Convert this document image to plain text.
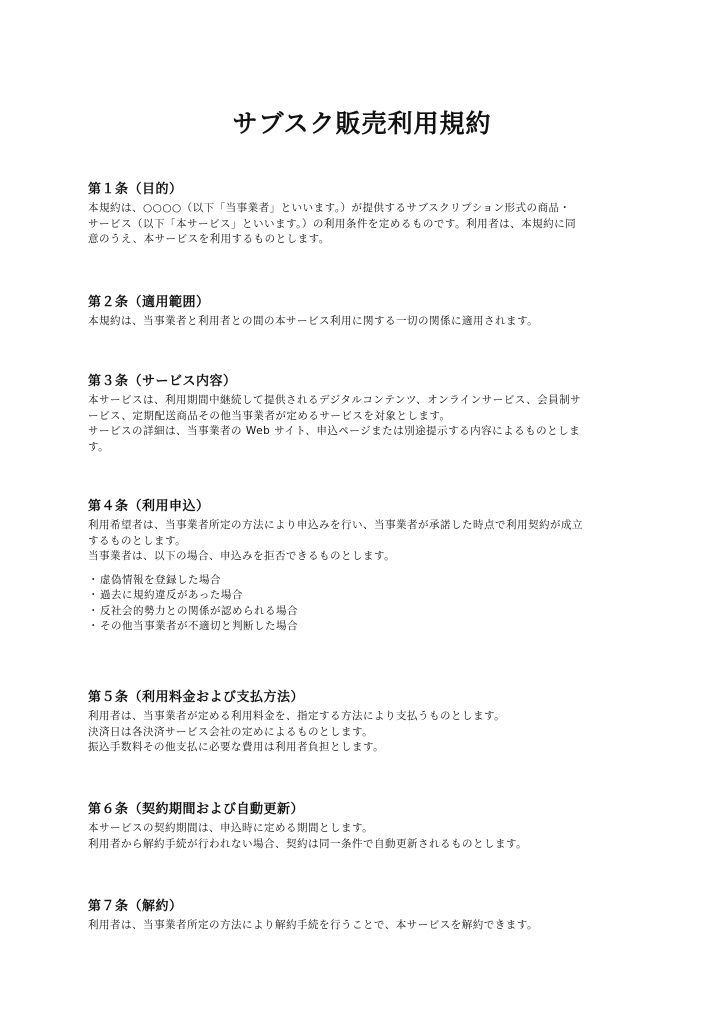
サブスク販売利用規約
第１条（目的）

本規約は、○○○○（以下「当事業者」といいます。）が提供するサブスクリプション形式の商品・

サービス（以下「本サービス」といいます。）の利用条件を定めるものです。利用者は、本規約に同

意のうえ、本サービスを利用するものとします。

第２条（適用範囲）

本規約は、当事業者と利用者との間の本サービス利用に関する一切の関係に適用されます。

第３条（サービス内容）

本サービスは、利用期間中継続して提供されるデジタルコンテンツ、オンラインサービス、会員制サ

ービス、定期配送商品その他当事業者が定めるサービスを対象とします。

サービスの詳細は、当事業者の Web サイト、申込ページまたは別途提示する内容によるものとしま

す。

第４条（利用申込）

利用希望者は、当事業者所定の方法により申込みを行い、当事業者が承諾した時点で利用契約が成立

するものとします。

当事業者は、以下の場合、申込みを拒否できるものとします。

・虚偽情報を登録した場合
・過去に規約違反があった場合
・反社会的勢力との関係が認められる場合
・その他当事業者が不適切と判断した場合
第５条（利用料金および支払方法）

利用者は、当事業者が定める利用料金を、指定する方法により支払うものとします。

決済日は各決済サービス会社の定めによるものとします。

振込手数料その他支払に必要な費用は利用者負担とします。

第６条（契約期間および自動更新）

本サービスの契約期間は、申込時に定める期間とします。

利用者から解約手続が行われない場合、契約は同一条件で自動更新されるものとします。

第７条（解約）

利用者は、当事業者所定の方法により解約手続を行うことで、本サービスを解約できます。
